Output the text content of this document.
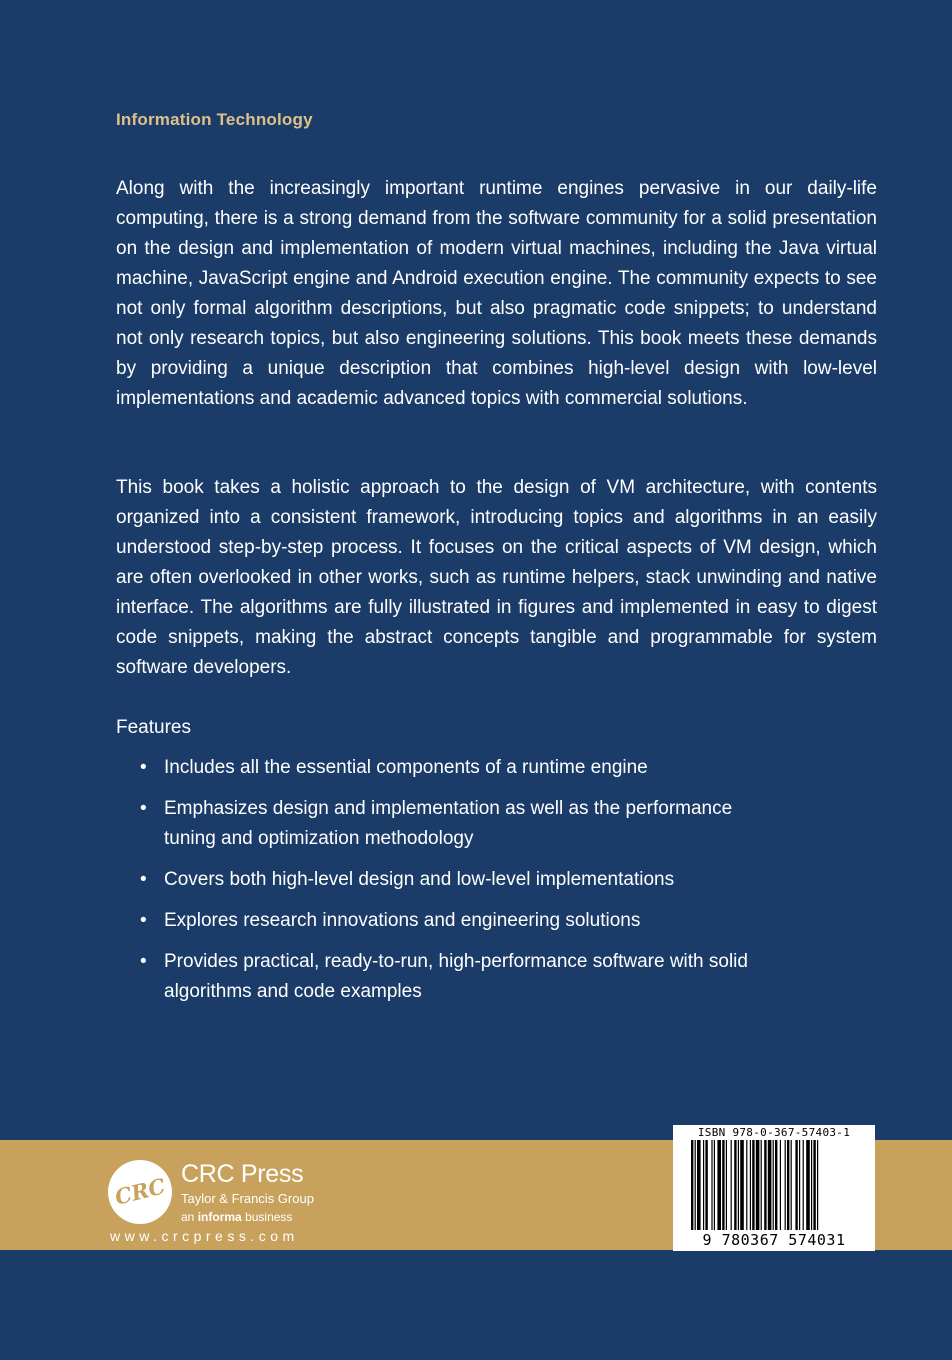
Information Technology

Along with the increasingly important runtime engines pervasive in our daily-life computing, there is a strong demand from the software community for a solid presentation on the design and implementation of modern virtual machines, including the Java virtual machine, JavaScript engine and Android execution engine. The community expects to see not only formal algorithm descriptions, but also pragmatic code snippets; to understand not only research topics, but also engineering solutions. This book meets these demands by providing a unique description that combines high-level design with low-level implementations and academic advanced topics with commercial solutions.

This book takes a holistic approach to the design of VM architecture, with contents organized into a consistent framework, introducing topics and algorithms in an easily understood step-by-step process. It focuses on the critical aspects of VM design, which are often overlooked in other works, such as runtime helpers, stack unwinding and native interface. The algorithms are fully illustrated in figures and implemented in easy to digest code snippets, making the abstract concepts tangible and programmable for system software developers.

Features
• Includes all the essential components of a runtime engine
• Emphasizes design and implementation as well as the performance tuning and optimization methodology
• Covers both high-level design and low-level implementations
• Explores research innovations and engineering solutions
• Provides practical, ready-to-run, high-performance software with solid algorithms and code examples
CRC CRC Press
Taylor & Francis Group
an informa business
www.crcpress.com
ISBN 978-0-367-57403-1
9 780367 574031
